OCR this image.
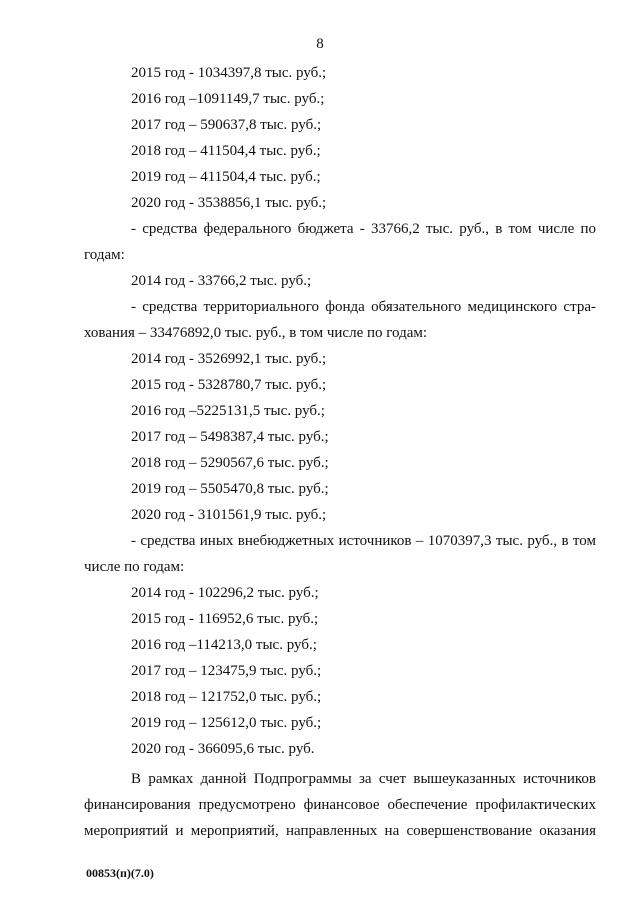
8
2015 год - 1034397,8 тыс. руб.;
2016 год –1091149,7 тыс. руб.;
2017 год – 590637,8 тыс. руб.;
2018 год – 411504,4 тыс. руб.;
2019 год – 411504,4 тыс. руб.;
2020 год - 3538856,1 тыс. руб.;
- средства федерального бюджета - 33766,2 тыс. руб., в том числе по
годам:
2014 год - 33766,2 тыс. руб.;
- средства территориального фонда обязательного медицинского стра-
хования – 33476892,0 тыс. руб., в том числе по годам:
2014 год - 3526992,1 тыс. руб.;
2015 год - 5328780,7 тыс. руб.;
2016 год –5225131,5 тыс. руб.;
2017 год – 5498387,4 тыс. руб.;
2018 год – 5290567,6 тыс. руб.;
2019 год – 5505470,8 тыс. руб.;
2020 год - 3101561,9 тыс. руб.;
- средства иных внебюджетных источников – 1070397,3 тыс. руб., в том
числе по годам:
2014 год - 102296,2 тыс. руб.;
2015 год - 116952,6 тыс. руб.;
2016 год –114213,0 тыс. руб.;
2017 год – 123475,9 тыс. руб.;
2018 год – 121752,0 тыс. руб.;
2019 год – 125612,0 тыс. руб.;
2020 год - 366095,6 тыс. руб.
В рамках данной Подпрограммы за счет вышеуказанных источников
финансирования предусмотрено финансовое обеспечение профилактических
мероприятий и мероприятий, направленных на совершенствование оказания
00853(п)(7.0)
